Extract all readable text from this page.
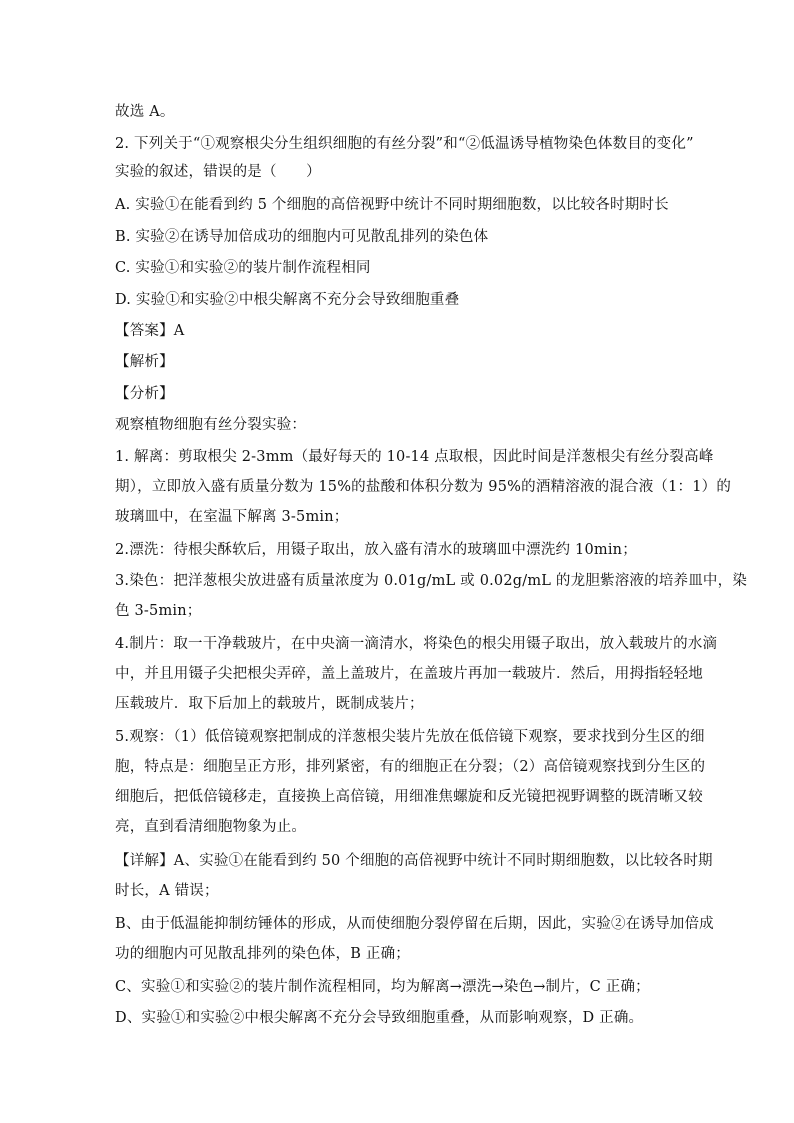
故选 A。
2. 下列关于“①观察根尖分生组织细胞的有丝分裂”和“②低温诱导植物染色体数目的变化”
实验的叙述，错误的是（　　）
A. 实验①在能看到约 5 个细胞的高倍视野中统计不同时期细胞数，以比较各时期时长
B. 实验②在诱导加倍成功的细胞内可见散乱排列的染色体
C. 实验①和实验②的装片制作流程相同
D. 实验①和实验②中根尖解离不充分会导致细胞重叠
【答案】A
【解析】
【分析】
观察植物细胞有丝分裂实验：
1. 解离：剪取根尖 2-3mm（最好每天的 10-14 点取根，因此时间是洋葱根尖有丝分裂高峰
期），立即放入盛有质量分数为 15%的盐酸和体积分数为 95%的酒精溶液的混合液（1：1）的
玻璃皿中，在室温下解离 3-5min；
2.漂洗：待根尖酥软后，用镊子取出，放入盛有清水的玻璃皿中漂洗约 10min；
3.染色：把洋葱根尖放进盛有质量浓度为 0.01g/mL 或 0.02g/mL 的龙胆紫溶液的培养皿中，染
色 3-5min；
4.制片：取一干净载玻片，在中央滴一滴清水，将染色的根尖用镊子取出，放入载玻片的水滴
中，并且用镊子尖把根尖弄碎，盖上盖玻片，在盖玻片再加一载玻片．然后，用拇指轻轻地
压载玻片．取下后加上的载玻片，既制成装片；
5.观察：（1）低倍镜观察把制成的洋葱根尖装片先放在低倍镜下观察，要求找到分生区的细
胞，特点是：细胞呈正方形，排列紧密，有的细胞正在分裂；（2）高倍镜观察找到分生区的
细胞后，把低倍镜移走，直接换上高倍镜，用细准焦螺旋和反光镜把视野调整的既清晰又较
亮，直到看清细胞物象为止。
【详解】A、实验①在能看到约 50 个细胞的高倍视野中统计不同时期细胞数，以比较各时期
时长，A 错误；
B、由于低温能抑制纺锤体的形成，从而使细胞分裂停留在后期，因此，实验②在诱导加倍成
功的细胞内可见散乱排列的染色体，B 正确；
C、实验①和实验②的装片制作流程相同，均为解离→漂洗→染色→制片，C 正确；
D、实验①和实验②中根尖解离不充分会导致细胞重叠，从而影响观察，D 正确。
